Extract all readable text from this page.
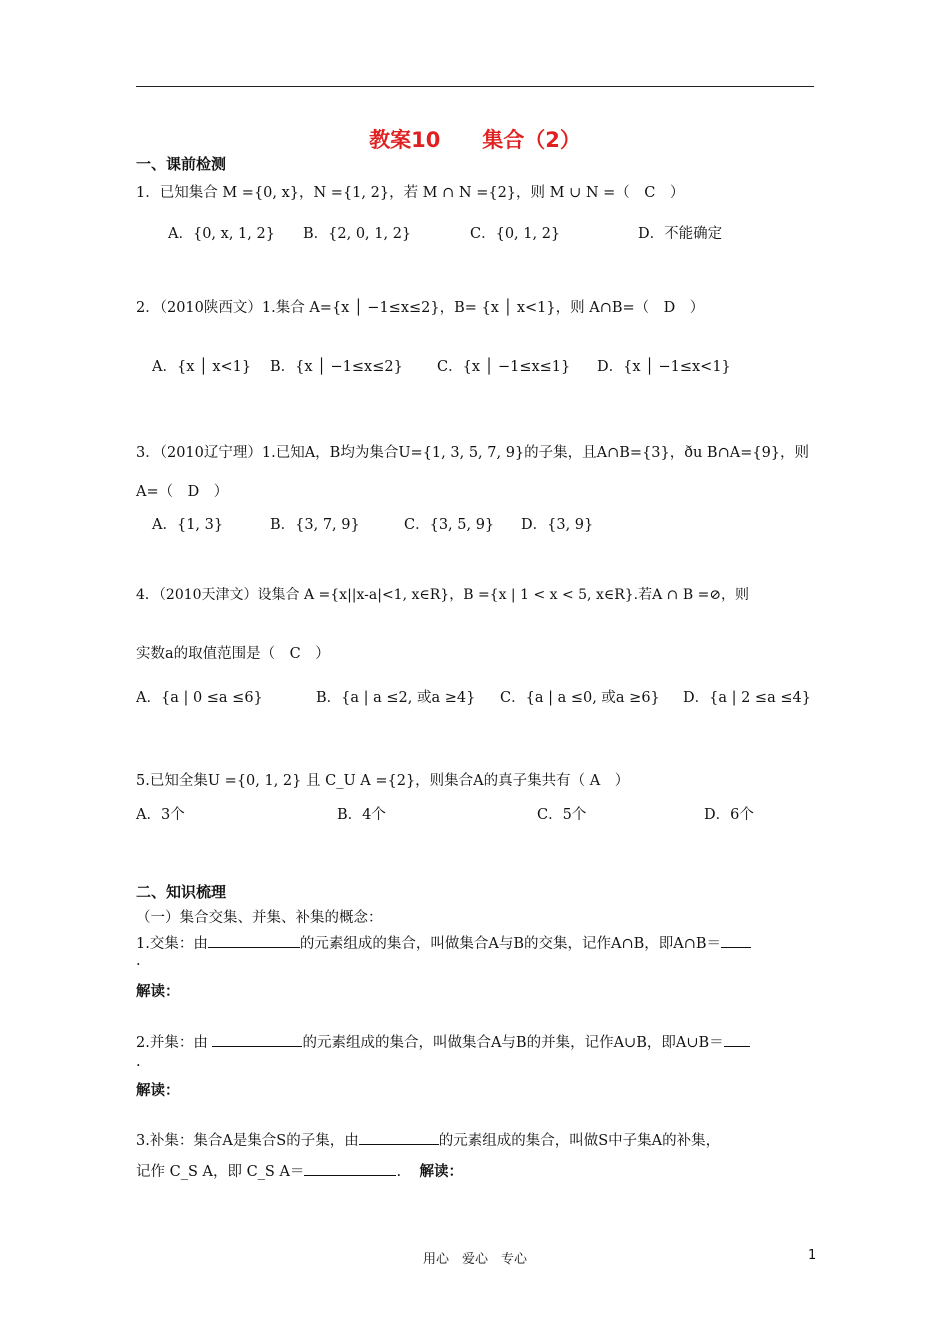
教案10　　集合（2）
一、课前检测
1．已知集合 M ={0, x}，N ={1, 2}，若 M ∩ N ={2}，则 M ∪ N =（　C　）
A．{0, x, 1, 2} B．{2, 0, 1, 2}	C．{0, 1, 2}	D．不能确定
2．（2010陕西文）1.集合 A={x │ −1≤x≤2}，B= {x │ x<1}，则 A∩B=（　D　）
A．{x │ x<1} B．{x │ −1≤x≤2} C．{x │ −1≤x≤1} D．{x │ −1≤x<1}
3．（2010辽宁理）1.已知A，B均为集合U={1, 3, 5, 7, 9}的子集，且A∩B={3}，ðu B∩A={9}，则
A=（　D　）
A．{1, 3}	B．{3, 7, 9}	C．{3, 5, 9} D．{3, 9}
4．（2010天津文）设集合 A ={x||x-a|<1, x∈R}，B ={x | 1 < x < 5, x∈R}.若A ∩ B =⊘，则
实数a的取值范围是（　C　）
A．{a | 0 ≤a ≤6}	B．{a | a ≤2, 或a ≥4} C．{a | a ≤0, 或a ≥6} D．{a | 2 ≤a ≤4}
5.已知全集U ={0, 1, 2} 且 C_U A ={2}，则集合A的真子集共有（ A　）
A．3个	B．4个	C．5个	D．6个
二、知识梳理
（一）集合交集、并集、补集的概念：
1.交集：由	的元素组成的集合，叫做集合A与B的交集，记作A∩B，即A∩B＝
.
解读：
2.并集：由	的元素组成的集合，叫做集合A与B的并集，记作A∪B，即A∪B＝
.
解读：
3.补集：集合A是集合S的子集，由	的元素组成的集合，叫做S中子集A的补集，
记作 C_S A，即 C_S A＝	. 解读：
用心　爱心　专心	1
